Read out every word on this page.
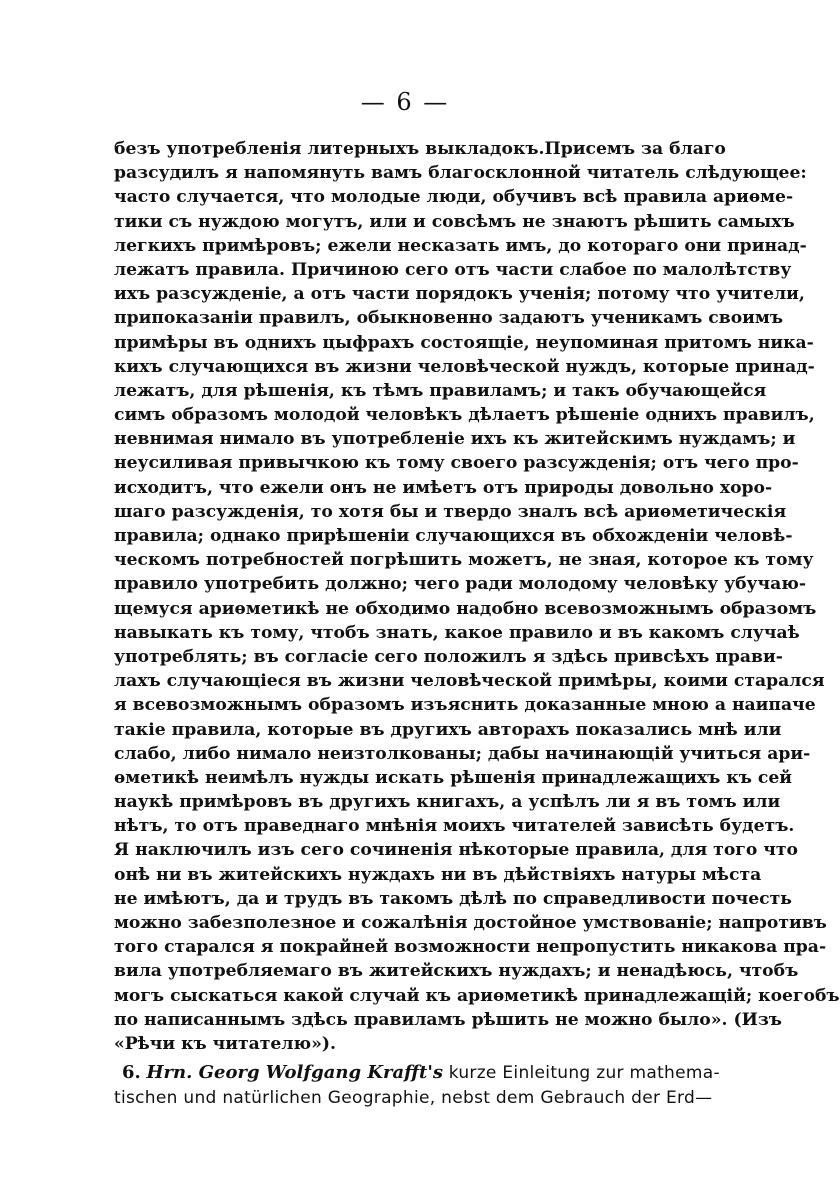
— 6 —
безъ употребленія литерныхъ выкладокъ. Присемъ за благо
разсудилъ я напомянуть вамъ благосклонной читатель слѣдующее:
часто случается, что молодые люди, обучивъ всѣ правила ариѳме-
тики съ нуждою могутъ, или и совсѣмъ не знаютъ рѣшить самыхъ
легкихъ примѣровъ; ежели несказать имъ, до котораго они принад-
лежатъ правила. Причиною сего отъ части слабое по малолѣтству
ихъ разсужденіе, а отъ части порядокъ ученія; потому что учители,
припоказаніи правилъ, обыкновенно задаютъ ученикамъ своимъ
примѣры въ однихъ цыфрахъ состоящіе, неупоминая притомъ ника-
кихъ случающихся въ жизни человѣческой нуждъ, которые принад-
лежатъ, для рѣшенія, къ тѣмъ правиламъ; и такъ обучающейся
симъ образомъ молодой человѣкъ дѣлаетъ рѣшеніе однихъ правилъ,
невнимая нимало въ употребленіе ихъ къ житейскимъ нуждамъ; и
неусиливая привычкою къ тому своего разсужденія; отъ чего про-
исходитъ, что ежели онъ не имѣетъ отъ природы довольно хоро-
шаго разсужденія, то хотя бы и твердо зналъ всѣ ариѳметическія
правила; однако прирѣшеніи случающихся въ обхожденіи человѣ-
ческомъ потребностей погрѣшить можетъ, не зная, которое къ тому
правило употребить должно; чего ради молодому человѣку убучаю-
щемуся ариѳметикѣ не обходимо надобно всевозможнымъ образомъ
навыкать къ тому, чтобъ знать, какое правило и въ какомъ случаѣ
употреблять; въ согласіе сего положилъ я здѣсь привсѣхъ прави-
лахъ случающіеся въ жизни человѣческой примѣры, коими старался
я всевозможнымъ образомъ изъяснить доказанные мною а наипаче
такіе правила, которые въ другихъ авторахъ показались мнѣ или
слабо, либо нимало неизтолкованы; дабы начинающій учиться ари-
ѳметикѣ неимѣлъ нужды искать рѣшенія принадлежащихъ къ сей
наукѣ примѣровъ въ другихъ книгахъ, а успѣлъ ли я въ томъ или
нѣтъ, то отъ праведнаго мнѣнія моихъ читателей зависѣть будетъ.
Я наключилъ изъ сего сочиненія нѣкоторые правила, для того что
онѣ ни въ житейскихъ нуждахъ ни въ дѣйствіяхъ натуры мѣста
не имѣютъ, да и трудъ въ такомъ дѣлѣ по справедливости почесть
можно забезполезное и сожалѣнія достойное умствованіе; напротивъ
того старался я покрайней возможности непропустить никакова пра-
вила употребляемаго въ житейскихъ нуждахъ; и ненадѣюсь, чтобъ
могъ сыскаться какой случай къ ариѳметикѣ принадлежащій; коегобъ
по написаннымъ здѣсь правиламъ рѣшить не можно было». (Изъ
«Рѣчи къ читателю»).
6. Hrn. Georg Wolfgang Krafft's kurze Einleitung zur mathema-
tischen und natürlichen Geographie, nebst dem Gebrauch der Erd—
